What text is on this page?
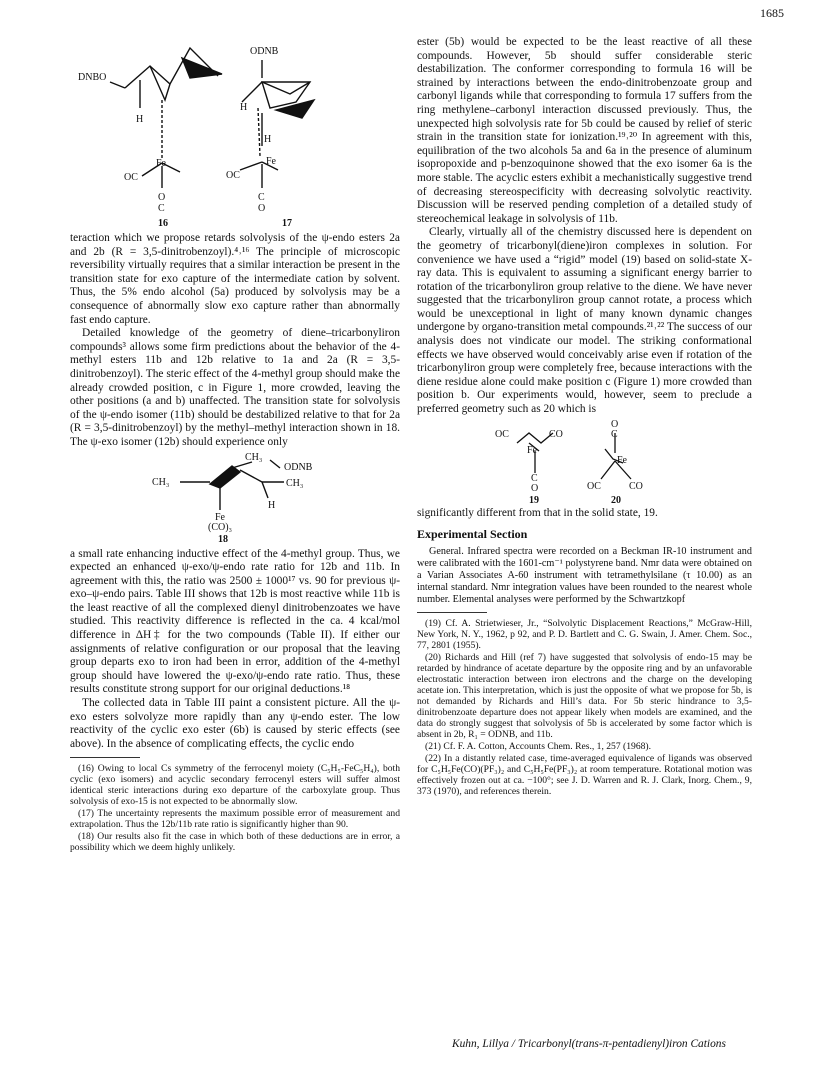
1685
DNBO
H
Fe
OC
O
C
16
ODNB
H
H
Fe
OC
C
O
17

teraction which we propose retards solvolysis of the ψ-endo esters 2a and 2b (R = 3,5-dinitrobenzoyl).⁴˒¹⁶ The principle of microscopic reversibility virtually requires that a similar interaction be present in the transition state for exo capture of the intermediate cation by solvent. Thus, the 5% endo alcohol (5a) produced by solvolysis may be a consequence of abnormally slow exo capture rather than abnormally fast endo capture.

Detailed knowledge of the geometry of diene–tricarbonyliron compounds³ allows some firm predictions about the behavior of the 4-methyl esters 11b and 12b relative to 1a and 2a (R = 3,5-dinitrobenzoyl). The steric effect of the 4-methyl group should make the already crowded position, c in Figure 1, more crowded, leaving the other positions (a and b) unaffected. The transition state for solvolysis of the ψ-endo isomer (11b) should be destabilized relative to that for 2a (R = 3,5-dinitrobenzoyl) by the methyl–methyl interaction shown in 18. The ψ-exo isomer (12b) should experience only

CH₃
ODNB
CH₃	CH₃
H
Fe
(CO)₃
18

a small rate enhancing inductive effect of the 4-methyl group. Thus, we expected an enhanced ψ-exo/ψ-endo rate ratio for 12b and 11b. In agreement with this, the ratio was 2500 ± 1000¹⁷ vs. 90 for previous ψ-exo–ψ-endo pairs. Table III shows that 12b is most reactive while 11b is the least reactive of all the complexed dienyl dinitrobenzoates we have studied. This reactivity difference is reflected in the ca. 4 kcal/mol difference in ΔH‡ for the two compounds (Table II). If either our assignments of relative configuration or our proposal that the leaving group departs exo to iron had been in error, addition of the 4-methyl group should have lowered the ψ-exo/ψ-endo rate ratio. Thus, these results constitute strong support for our original deductions.¹⁸

The collected data in Table III paint a consistent picture. All the ψ-exo esters solvolyze more rapidly than any ψ-endo ester. The low reactivity of the cyclic exo ester (6b) is caused by steric effects (see above). In the absence of complicating effects, the cyclic endo

(16) Owing to local Cs symmetry of the ferrocenyl moiety (C₅H₅-FeC₅H₄), both cyclic (exo isomers) and acyclic secondary ferrocenyl esters will suffer almost identical steric interactions during exo departure of the carboxylate group. Thus solvolysis of exo-15 is not expected to be abnormally slow.

(17) The uncertainty represents the maximum possible error of measurement and extrapolation. Thus the 12b/11b rate ratio is significantly higher than 90.

(18) Our results also fit the case in which both of these deductions are in error, a possibility which we deem highly unlikely.

ester (5b) would be expected to be the least reactive of all these compounds. However, 5b should suffer considerable steric destabilization. The conformer corresponding to formula 16 will be strained by interactions between the endo-dinitrobenzoate group and carbonyl ligands while that corresponding to formula 17 suffers from the ring methylene–carbonyl interaction discussed previously. Thus, the unexpected high solvolysis rate for 5b could be caused by relief of steric strain in the transition state for ionization.¹⁹˒²⁰ In agreement with this, equilibration of the two alcohols 5a and 6a in the presence of aluminum isopropoxide and p-benzoquinone showed that the exo isomer 6a is the more stable. The acyclic esters exhibit a mechanistically suggestive trend of decreasing stereospecificity with decreasing solvolytic reactivity. Discussion will be reserved pending completion of a detailed study of stereochemical leakage in solvolysis of 11b.

Clearly, virtually all of the chemistry discussed here is dependent on the geometry of tricarbonyl(diene)iron complexes in solution. For convenience we have used a “rigid” model (19) based on solid-state X-ray data. This is equivalent to assuming a significant energy barrier to rotation of the tricarbonyliron group relative to the diene. We have never suggested that the tricarbonyliron group cannot rotate, a process which would be unexceptional in light of many known dynamic changes undergone by organo-transition metal compounds.²¹˒²² The success of our analysis does not vindicate our model. The striking conformational effects we have observed would conceivably arise even if rotation of the tricarbonyliron group were completely free, because interactions with the diene residue alone could make position c (Figure 1) more crowded than position b. Our experiments would, however, seem to preclude a preferred geometry such as 20 which is

OC	CO
Fe
C
O
19
O
C
Fe
OC	CO
20

significantly different from that in the solid state, 19.

Experimental Section

General. Infrared spectra were recorded on a Beckman IR-10 instrument and were calibrated with the 1601-cm⁻¹ polystyrene band. Nmr data were obtained on a Varian Associates A-60 instrument with tetramethylsilane (τ 10.00) as an internal standard. Nmr integration values have been rounded to the nearest whole number. Elemental analyses were performed by the Schwartzkopf

(19) Cf. A. Strietwieser, Jr., “Solvolytic Displacement Reactions,” McGraw-Hill, New York, N. Y., 1962, p 92, and P. D. Bartlett and C. G. Swain, J. Amer. Chem. Soc., 77, 2801 (1955).

(20) Richards and Hill (ref 7) have suggested that solvolysis of endo-15 may be retarded by hindrance of acetate departure by the opposite ring and by an unfavorable electrostatic interaction between iron electrons and the charge on the developing acetate ion. This interpretation, which is just the opposite of what we propose for 5b, is not demanded by Richards and Hill’s data. For 5b steric hindrance to 3,5-dinitrobenzoate departure does not appear likely when models are examined, and the data do strongly suggest that solvolysis of 5b is accelerated by some factor which is absent in 2b, R₁ = ODNB, and 11b.

(21) Cf. F. A. Cotton, Accounts Chem. Res., 1, 257 (1968).

(22) In a distantly related case, time-averaged equivalence of ligands was observed for C₅H₅Fe(CO)(PF₃)₂ and C₅H₅Fe(PF₃)₂ at room temperature. Rotational motion was effectively frozen out at ca. −100°; see J. D. Warren and R. J. Clark, Inorg. Chem., 9, 373 (1970), and references therein.

Kuhn, Lillya / Tricarbonyl(trans-π-pentadienyl)iron Cations
